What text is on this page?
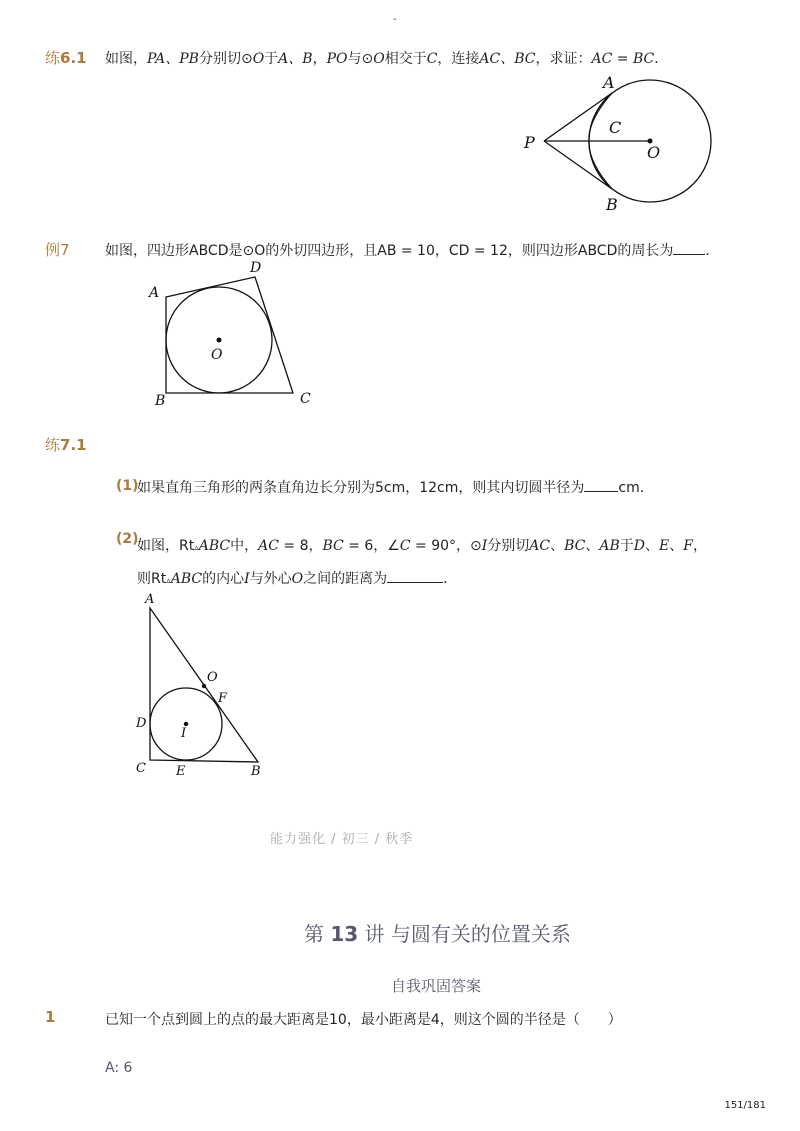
-
练6.1 如图，PA、PB分别切⊙O于A、B，PO与⊙O相交于C，连接AC、BC，求证：AC = BC．
A
P
C
O
B
例7	如图，四边形ABCD是⊙O的外切四边形，且AB = 10，CD = 12，则四边形ABCD的周长为 ．
A
D
O
B	C
练7.1
(1)
如果直角三角形的两条直角边长分别为5cm，12cm，则其内切圆半径为 cm．
(2)
如图，Rt▵ABC中，AC = 8，BC = 6，∠C = 90°，⊙I分别切AC、BC、AB于D、E、F，
则Rt▵ABC的内心I与外心O之间的距离为	．
A
O
F
D
I
C E	B
能力强化 / 初三 / 秋季
第 13 讲 与圆有关的位置关系
自我巩固答案
1	已知一个点到圆上的点的最大距离是10，最小距离是4，则这个圆的半径是（　　）
A: 6
151/181
